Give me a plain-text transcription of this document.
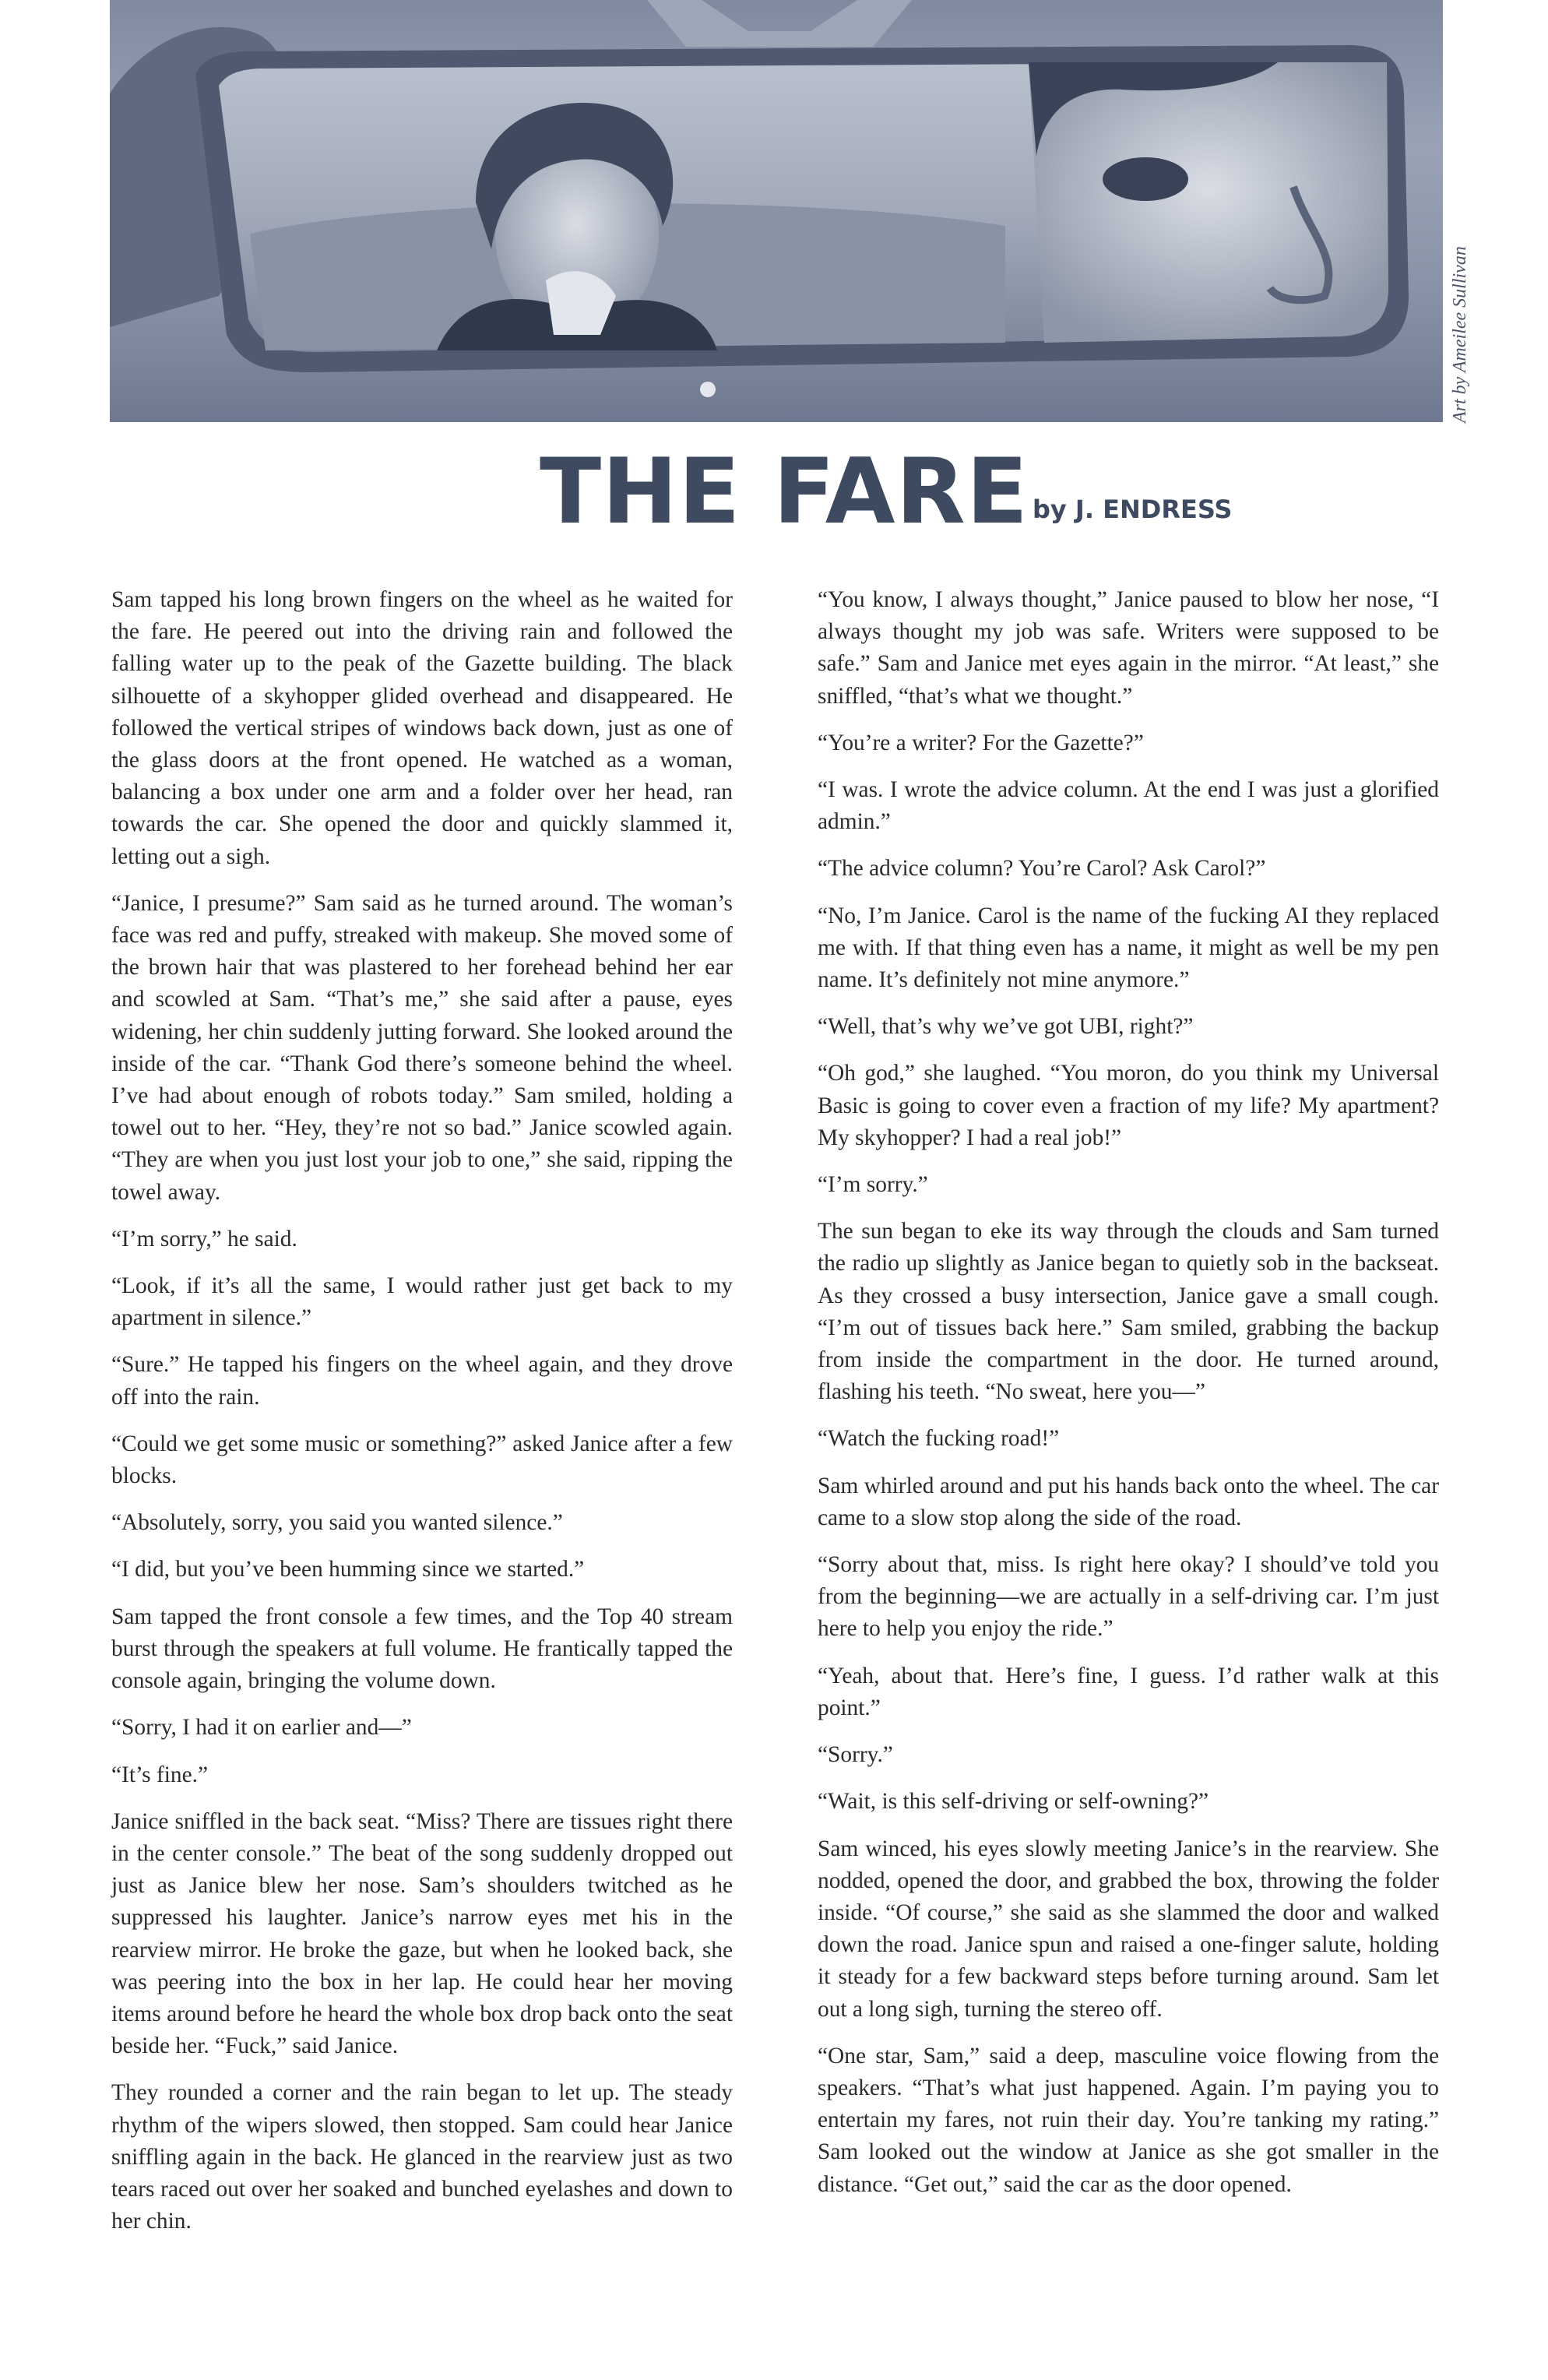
Art by Ameilee Sullivan
THE FARE by J. ENDRESS

Sam tapped his long brown fingers on the wheel as he waited for the fare. He peered out into the driving rain and followed the falling water up to the peak of the Gazette building. The black silhouette of a skyhopper glided overhead and disappeared. He followed the vertical stripes of windows back down, just as one of the glass doors at the front opened. He watched as a woman, balancing a box under one arm and a folder over her head, ran towards the car. She opened the door and quickly slammed it, letting out a sigh.

“Janice, I presume?” Sam said as he turned around. The woman’s face was red and puffy, streaked with makeup. She moved some of the brown hair that was plastered to her forehead behind her ear and scowled at Sam. “That’s me,” she said after a pause, eyes widening, her chin suddenly jutting forward. She looked around the inside of the car. “Thank God there’s someone behind the wheel. I’ve had about enough of robots today.” Sam smiled, holding a towel out to her. “Hey, they’re not so bad.” Janice scowled again. “They are when you just lost your job to one,” she said, ripping the towel away.

“I’m sorry,” he said.

“Look, if it’s all the same, I would rather just get back to my apartment in silence.”

“Sure.” He tapped his fingers on the wheel again, and they drove off into the rain.

“Could we get some music or something?” asked Janice after a few blocks.

“Absolutely, sorry, you said you wanted silence.”

“I did, but you’ve been humming since we started.”

Sam tapped the front console a few times, and the Top 40 stream burst through the speakers at full volume. He frantically tapped the console again, bringing the volume down.

“Sorry, I had it on earlier and—”

“It’s fine.”

Janice sniffled in the back seat. “Miss? There are tissues right there in the center console.” The beat of the song suddenly dropped out just as Janice blew her nose. Sam’s shoulders twitched as he suppressed his laughter. Janice’s narrow eyes met his in the rearview mirror. He broke the gaze, but when he looked back, she was peering into the box in her lap. He could hear her moving items around before he heard the whole box drop back onto the seat beside her. “Fuck,” said Janice.

They rounded a corner and the rain began to let up. The steady rhythm of the wipers slowed, then stopped. Sam could hear Janice sniffling again in the back. He glanced in the rearview just as two tears raced out over her soaked and bunched eyelashes and down to her chin.

“You know, I always thought,” Janice paused to blow her nose, “I always thought my job was safe. Writers were supposed to be safe.” Sam and Janice met eyes again in the mirror. “At least,” she sniffled, “that’s what we thought.”

“You’re a writer? For the Gazette?”

“I was. I wrote the advice column. At the end I was just a glorified admin.”

“The advice column? You’re Carol? Ask Carol?”

“No, I’m Janice. Carol is the name of the fucking AI they replaced me with. If that thing even has a name, it might as well be my pen name. It’s definitely not mine anymore.”

“Well, that’s why we’ve got UBI, right?”

“Oh god,” she laughed. “You moron, do you think my Universal Basic is going to cover even a fraction of my life? My apartment? My skyhopper? I had a real job!”

“I’m sorry.”

The sun began to eke its way through the clouds and Sam turned the radio up slightly as Janice began to quietly sob in the backseat. As they crossed a busy intersection, Janice gave a small cough. “I’m out of tissues back here.” Sam smiled, grabbing the backup from inside the compartment in the door. He turned around, flashing his teeth. “No sweat, here you—”

“Watch the fucking road!”

Sam whirled around and put his hands back onto the wheel. The car came to a slow stop along the side of the road.

“Sorry about that, miss. Is right here okay? I should’ve told you from the beginning—we are actually in a self-driving car. I’m just here to help you enjoy the ride.”

“Yeah, about that. Here’s fine, I guess. I’d rather walk at this point.”

“Sorry.”

“Wait, is this self-driving or self-owning?”

Sam winced, his eyes slowly meeting Janice’s in the rearview. She nodded, opened the door, and grabbed the box, throwing the folder inside. “Of course,” she said as she slammed the door and walked down the road. Janice spun and raised a one-finger salute, holding it steady for a few backward steps before turning around. Sam let out a long sigh, turning the stereo off.

“One star, Sam,” said a deep, masculine voice flowing from the speakers. “That’s what just happened. Again. I’m paying you to entertain my fares, not ruin their day. You’re tanking my rating.” Sam looked out the window at Janice as she got smaller in the distance. “Get out,” said the car as the door opened.
